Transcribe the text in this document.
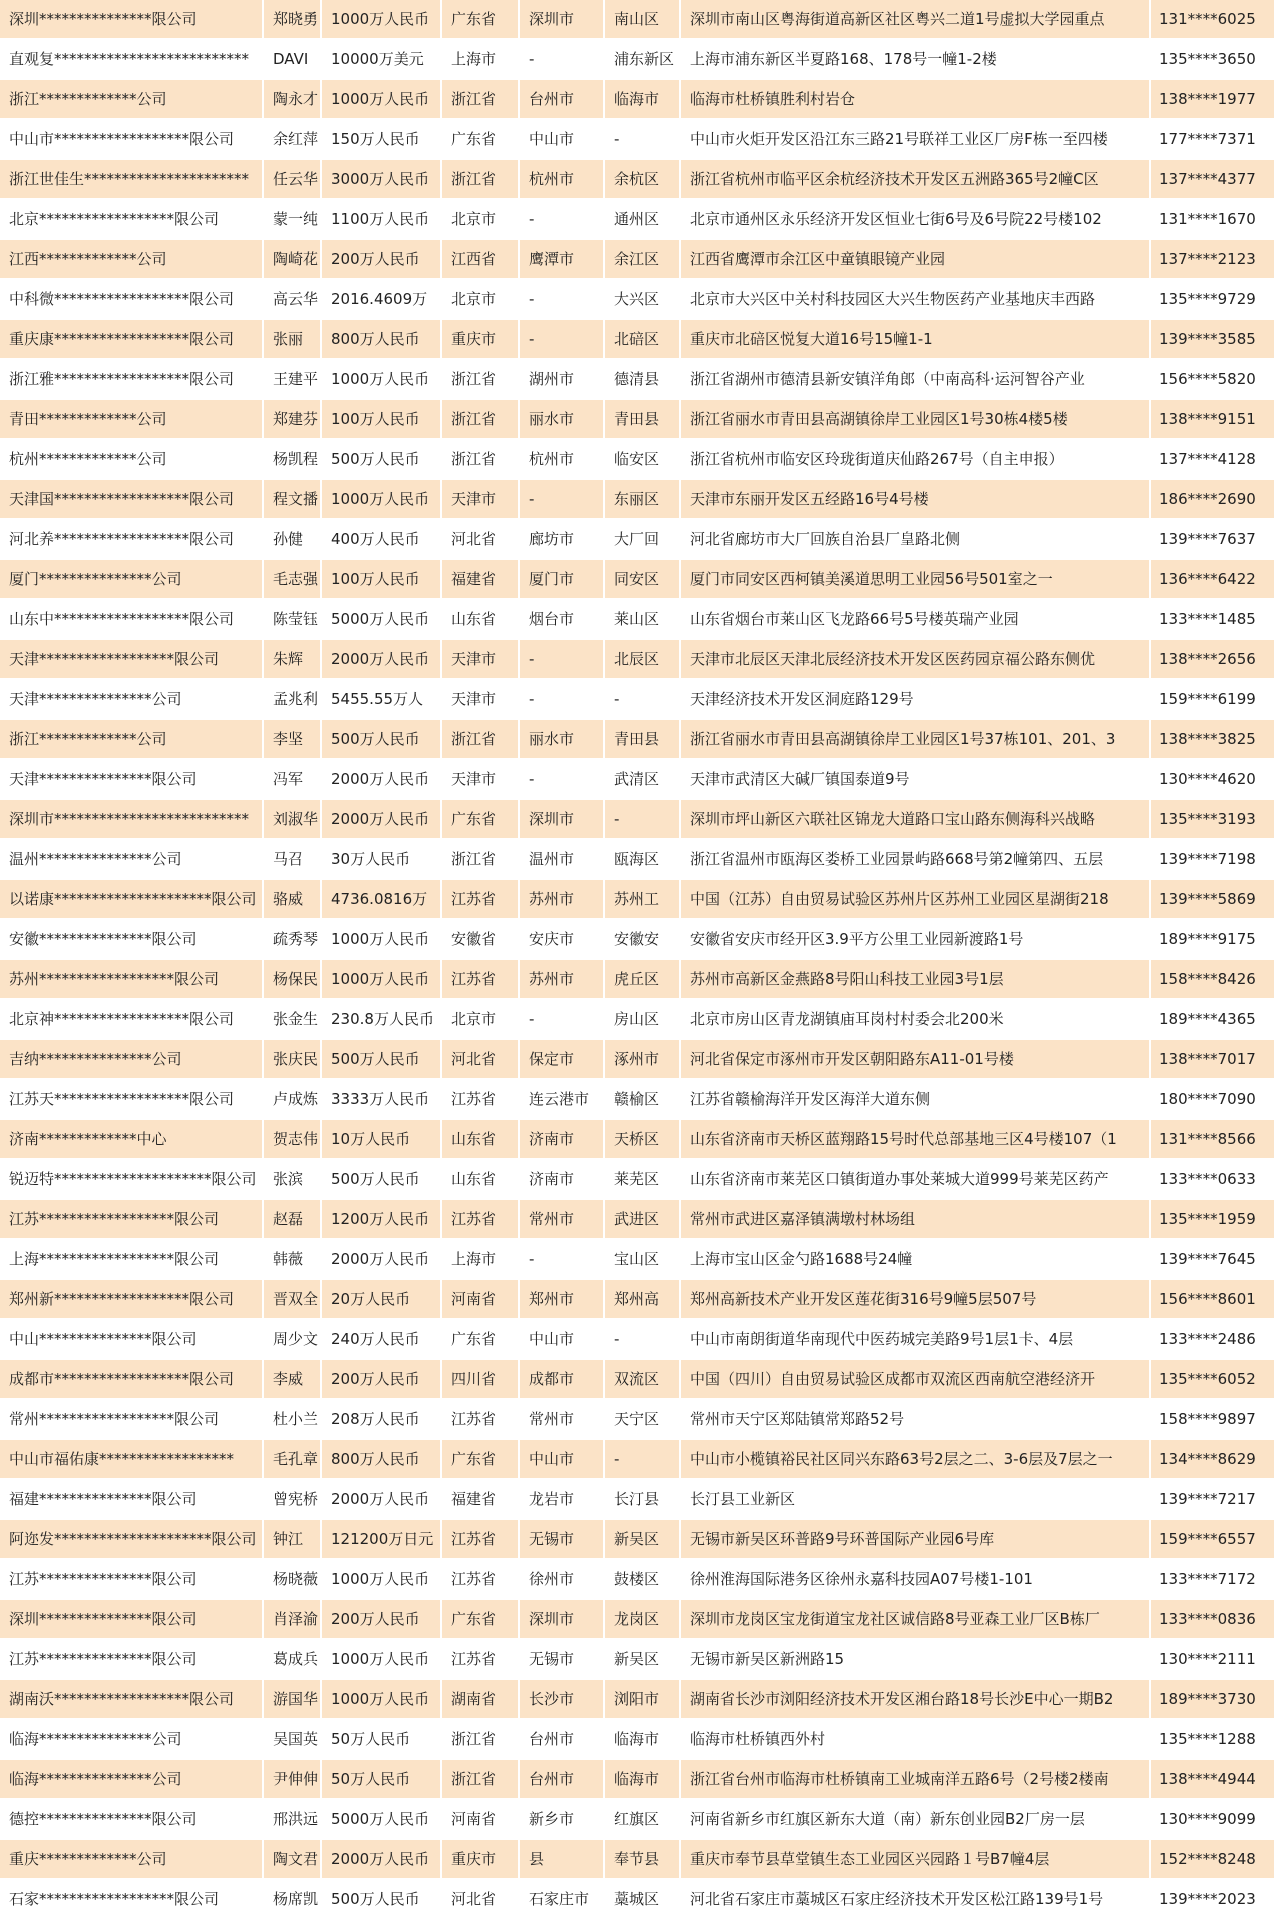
深圳***************限公司	郑晓勇	1000万人民币	广东省	深圳市	南山区	深圳市南山区粤海街道高新区社区粤兴二道1号虚拟大学园重点	131****6025
直观复**************************	DAVI	10000万美元	上海市	-	浦东新区	上海市浦东新区半夏路168、178号一幢1-2楼	135****3650
浙江*************公司	陶永才	1000万人民币	浙江省	台州市	临海市	临海市杜桥镇胜利村岩仓	138****1977
中山市******************限公司	余红萍	150万人民币	广东省	中山市	-	中山市火炬开发区沿江东三路21号联祥工业区厂房F栋一至四楼	177****7371
浙江世佳生**********************	任云华	3000万人民币	浙江省	杭州市	余杭区	浙江省杭州市临平区余杭经济技术开发区五洲路365号2幢C区	137****4377
北京******************限公司	蒙一纯	1100万人民币	北京市	-	通州区	北京市通州区永乐经济开发区恒业七街6号及6号院22号楼102	131****1670
江西*************公司	陶崎花	200万人民币	江西省	鹰潭市	余江区	江西省鹰潭市余江区中童镇眼镜产业园	137****2123
中科微******************限公司	高云华	2016.4609万	北京市	-	大兴区	北京市大兴区中关村科技园区大兴生物医药产业基地庆丰西路	135****9729
重庆康******************限公司	张丽	800万人民币	重庆市	-	北碚区	重庆市北碚区悦复大道16号15幢1-1	139****3585
浙江雅******************限公司	王建平	1000万人民币	浙江省	湖州市	德清县	浙江省湖州市德清县新安镇洋角郎（中南高科·运河智谷产业	156****5820
青田*************公司	郑建芬	100万人民币	浙江省	丽水市	青田县	浙江省丽水市青田县高湖镇徐岸工业园区1号30栋4楼5楼	138****9151
杭州*************公司	杨凯程	500万人民币	浙江省	杭州市	临安区	浙江省杭州市临安区玲珑街道庆仙路267号（自主申报）	137****4128
天津国******************限公司	程文播	1000万人民币	天津市	-	东丽区	天津市东丽开发区五经路16号4号楼	186****2690
河北养******************限公司	孙健	400万人民币	河北省	廊坊市	大厂回	河北省廊坊市大厂回族自治县厂皇路北侧	139****7637
厦门***************公司	毛志强	100万人民币	福建省	厦门市	同安区	厦门市同安区西柯镇美溪道思明工业园56号501室之一	136****6422
山东中******************限公司	陈莹钰	5000万人民币	山东省	烟台市	莱山区	山东省烟台市莱山区飞龙路66号5号楼英瑞产业园	133****1485
天津******************限公司	朱辉	2000万人民币	天津市	-	北辰区	天津市北辰区天津北辰经济技术开发区医药园京福公路东侧优	138****2656
天津***************公司	孟兆利	5455.55万人	天津市	-	-	天津经济技术开发区洞庭路129号	159****6199
浙江*************公司	李坚	500万人民币	浙江省	丽水市	青田县	浙江省丽水市青田县高湖镇徐岸工业园区1号37栋101、201、3	138****3825
天津***************限公司	冯军	2000万人民币	天津市	-	武清区	天津市武清区大碱厂镇国泰道9号	130****4620
深圳市**************************	刘淑华	2000万人民币	广东省	深圳市	-	深圳市坪山新区六联社区锦龙大道路口宝山路东侧海科兴战略	135****3193
温州***************公司	马召	30万人民币	浙江省	温州市	瓯海区	浙江省温州市瓯海区娄桥工业园景屿路668号第2幢第四、五层	139****7198
以诺康*********************限公司	骆威	4736.0816万	江苏省	苏州市	苏州工	中国（江苏）自由贸易试验区苏州片区苏州工业园区星湖街218	139****5869
安徽***************限公司	疏秀琴	1000万人民币	安徽省	安庆市	安徽安	安徽省安庆市经开区3.9平方公里工业园新渡路1号	189****9175
苏州******************限公司	杨保民	1000万人民币	江苏省	苏州市	虎丘区	苏州市高新区金燕路8号阳山科技工业园3号1层	158****8426
北京神******************限公司	张金生	230.8万人民币	北京市	-	房山区	北京市房山区青龙湖镇庙耳岗村村委会北200米	189****4365
吉纳***************公司	张庆民	500万人民币	河北省	保定市	涿州市	河北省保定市涿州市开发区朝阳路东A11-01号楼	138****7017
江苏天******************限公司	卢成炼	3333万人民币	江苏省	连云港市	赣榆区	江苏省赣榆海洋开发区海洋大道东侧	180****7090
济南*************中心	贺志伟	10万人民币	山东省	济南市	天桥区	山东省济南市天桥区蓝翔路15号时代总部基地三区4号楼107（1	131****8566
锐迈特*********************限公司	张滨	500万人民币	山东省	济南市	莱芜区	山东省济南市莱芜区口镇街道办事处莱城大道999号莱芜区药产	133****0633
江苏******************限公司	赵磊	1200万人民币	江苏省	常州市	武进区	常州市武进区嘉泽镇满墩村林场组	135****1959
上海******************限公司	韩薇	2000万人民币	上海市	-	宝山区	上海市宝山区金勺路1688号24幢	139****7645
郑州新******************限公司	晋双全	20万人民币	河南省	郑州市	郑州高	郑州高新技术产业开发区莲花街316号9幢5层507号	156****8601
中山***************限公司	周少文	240万人民币	广东省	中山市	-	中山市南朗街道华南现代中医药城完美路9号1层1卡、4层	133****2486
成都市******************限公司	李威	200万人民币	四川省	成都市	双流区	中国（四川）自由贸易试验区成都市双流区西南航空港经济开	135****6052
常州******************限公司	杜小兰	208万人民币	江苏省	常州市	天宁区	常州市天宁区郑陆镇常郑路52号	158****9897
中山市福佑康******************	毛孔章	800万人民币	广东省	中山市	-	中山市小榄镇裕民社区同兴东路63号2层之二、3-6层及7层之一	134****8629
福建***************限公司	曾宪桥	2000万人民币	福建省	龙岩市	长汀县	长汀县工业新区	139****7217
阿迩发*********************限公司	钟江	121200万日元	江苏省	无锡市	新吴区	无锡市新吴区环普路9号环普国际产业园6号库	159****6557
江苏***************限公司	杨晓薇	1000万人民币	江苏省	徐州市	鼓楼区	徐州淮海国际港务区徐州永嘉科技园A07号楼1-101	133****7172
深圳***************限公司	肖泽渝	200万人民币	广东省	深圳市	龙岗区	深圳市龙岗区宝龙街道宝龙社区诚信路8号亚森工业厂区B栋厂	133****0836
江苏***************限公司	葛成兵	1000万人民币	江苏省	无锡市	新吴区	无锡市新吴区新洲路15	130****2111
湖南沃******************限公司	游国华	1000万人民币	湖南省	长沙市	浏阳市	湖南省长沙市浏阳经济技术开发区湘台路18号长沙E中心一期B2	189****3730
临海***************公司	吴国英	50万人民币	浙江省	台州市	临海市	临海市杜桥镇西外村	135****1288
临海***************公司	尹伸伸	50万人民币	浙江省	台州市	临海市	浙江省台州市临海市杜桥镇南工业城南洋五路6号（2号楼2楼南	138****4944
德控***************限公司	邢洪远	5000万人民币	河南省	新乡市	红旗区	河南省新乡市红旗区新东大道（南）新东创业园B2厂房一层	130****9099
重庆*************公司	陶文君	2000万人民币	重庆市	县	奉节县	重庆市奉节县草堂镇生态工业园区兴园路１号B7幢4层	152****8248
石家******************限公司	杨席凯	500万人民币	河北省	石家庄市	藁城区	河北省石家庄市藁城区石家庄经济技术开发区松江路139号1号	139****2023
